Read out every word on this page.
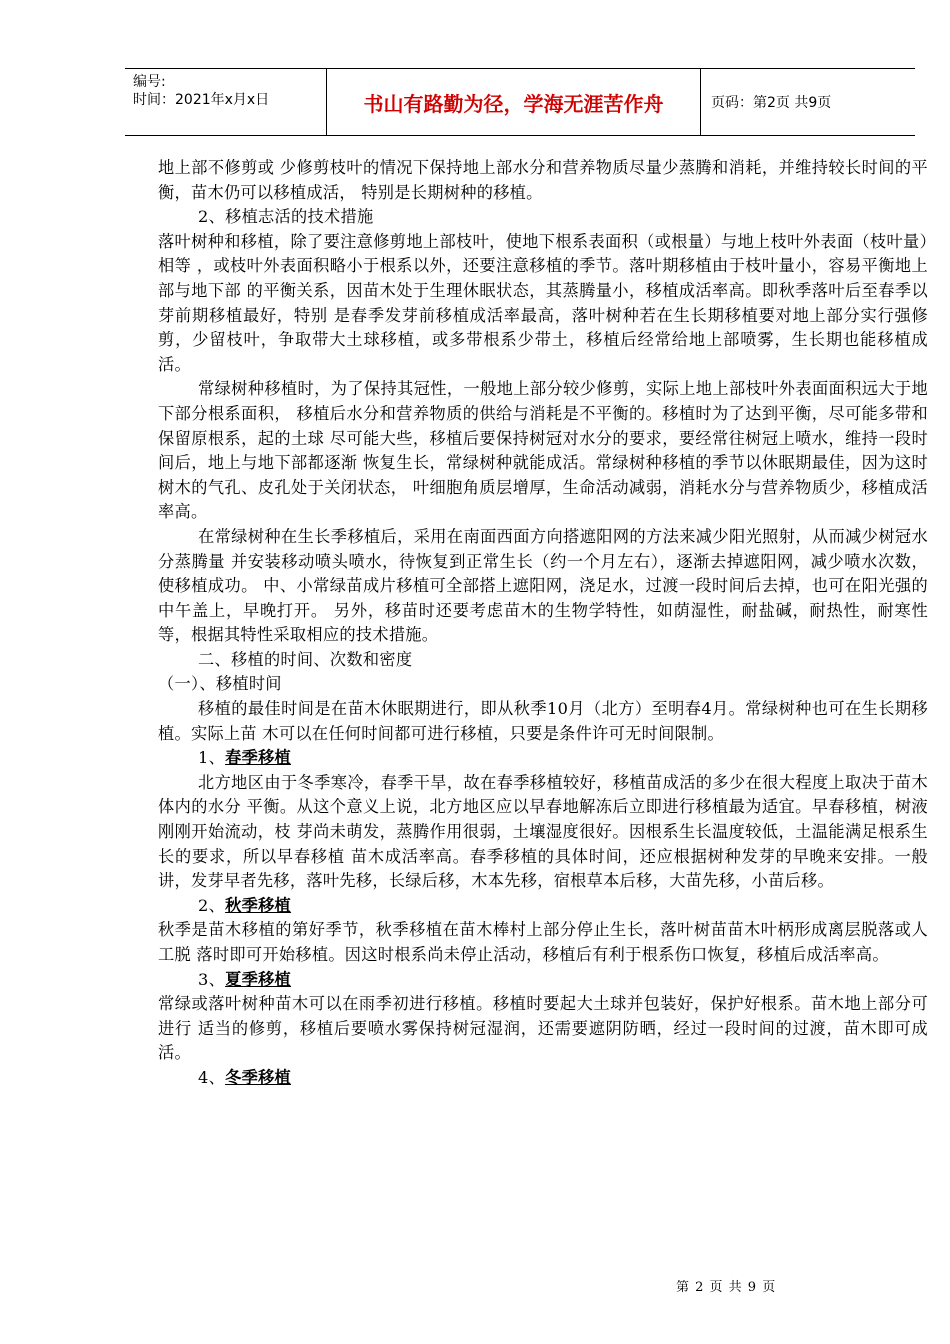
编号:
时间：2021年x月x日	书山有路勤为径，学海无涯苦作舟	页码：第2页 共9页

地上部不修剪或 少修剪枝叶的情况下保持地上部水分和营养物质尽量少蒸腾和消耗，并维持较长时间的平衡，苗木仍可以移植成活， 特别是长期树种的移植。

2、移植志活的技术措施

落叶树种和移植，除了要注意修剪地上部枝叶，使地下根系表面积（或根量）与地上枝叶外表面（枝叶量）相等 ，或枝叶外表面积略小于根系以外，还要注意移植的季节。落叶期移植由于枝叶量小，容易平衡地上部与地下部 的平衡关系，因苗木处于生理休眠状态，其蒸腾量小，移植成活率高。即秋季落叶后至春季以芽前期移植最好，特别 是春季发芽前移植成活率最高，落叶树种若在生长期移植要对地上部分实行强修剪，少留枝叶，争取带大土球移植，或多带根系少带土，移植后经常给地上部喷雾，生长期也能移植成活。

常绿树种移植时，为了保持其冠性，一般地上部分较少修剪，实际上地上部枝叶外表面面积远大于地下部分根系面积， 移植后水分和营养物质的供给与消耗是不平衡的。移植时为了达到平衡，尽可能多带和保留原根系，起的土球 尽可能大些，移植后要保持树冠对水分的要求，要经常往树冠上喷水，维持一段时间后，地上与地下部都逐渐 恢复生长，常绿树种就能成活。常绿树种移植的季节以休眠期最佳，因为这时树木的气孔、皮孔处于关闭状态， 叶细胞角质层增厚，生命活动减弱，消耗水分与营养物质少，移植成活率高。

在常绿树种在生长季移植后，采用在南面西面方向搭遮阳网的方法来减少阳光照射，从而减少树冠水分蒸腾量 并安装移动喷头喷水，待恢复到正常生长（约一个月左右），逐渐去掉遮阳网，减少喷水次数，使移植成功。 中、小常绿苗成片移植可全部搭上遮阳网，浇足水，过渡一段时间后去掉，也可在阳光强的中午盖上，早晚打开。 另外，移苗时还要考虑苗木的生物学特性，如荫湿性，耐盐碱，耐热性，耐寒性等，根据其特性采取相应的技术措施。

二、移植的时间、次数和密度

（一）、移植时间

移植的最佳时间是在苗木休眠期进行，即从秋季10月（北方）至明春4月。常绿树种也可在生长期移植。实际上苗 木可以在任何时间都可进行移植，只要是条件许可无时间限制。

1、春季移植

北方地区由于冬季寒冷，春季干旱，故在春季移植较好，移植苗成活的多少在很大程度上取决于苗木体内的水分 平衡。从这个意义上说，北方地区应以早春地解冻后立即进行移植最为适宜。早春移植，树液刚刚开始流动，枝 芽尚未萌发，蒸腾作用很弱，土壤湿度很好。因根系生长温度较低，土温能满足根系生长的要求，所以早春移植 苗木成活率高。春季移植的具体时间，还应根据树种发芽的早晚来安排。一般讲，发芽早者先移，落叶先移，长绿后移，木本先移，宿根草本后移，大苗先移，小苗后移。

2、秋季移植

秋季是苗木移植的第好季节，秋季移植在苗木棒村上部分停止生长，落叶树苗苗木叶柄形成离层脱落或人工脱 落时即可开始移植。因这时根系尚未停止活动，移植后有利于根系伤口恢复，移植后成活率高。

3、夏季移植

常绿或落叶树种苗木可以在雨季初进行移植。移植时要起大土球并包装好，保护好根系。苗木地上部分可进行 适当的修剪，移植后要喷水雾保持树冠湿润，还需要遮阴防晒，经过一段时间的过渡，苗木即可成活。

4、冬季移植

第 2 页 共 9 页
